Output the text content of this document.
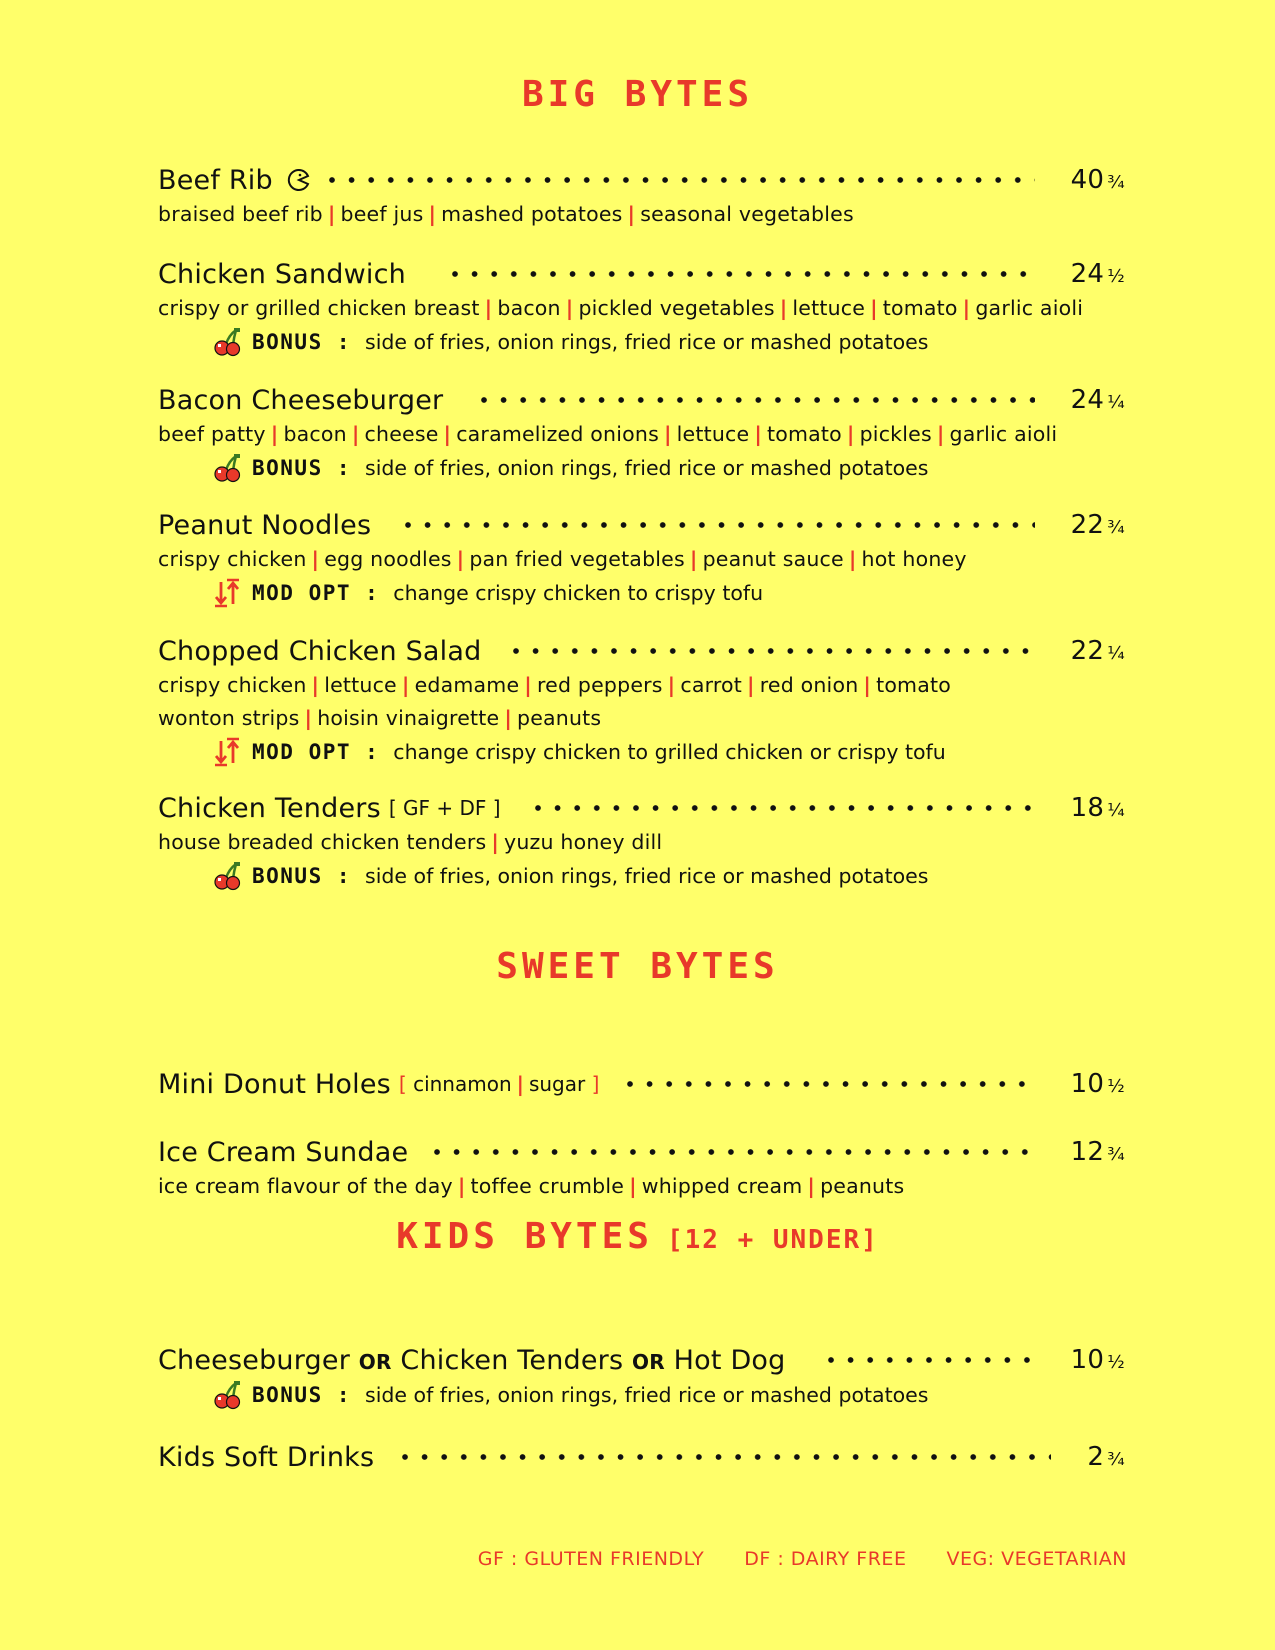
BIG BYTES
Beef Rib	40 ¾
braised beef rib | beef jus | mashed potatoes | seasonal vegetables
Chicken Sandwich	24 ½
crispy or grilled chicken breast | bacon | pickled vegetables | lettuce | tomato | garlic aioli
BONUS : side of fries, onion rings, fried rice or mashed potatoes
Bacon Cheeseburger	24 ¼
beef patty | bacon | cheese | caramelized onions | lettuce | tomato | pickles | garlic aioli
BONUS : side of fries, onion rings, fried rice or mashed potatoes
Peanut Noodles	22 ¾
crispy chicken | egg noodles | pan fried vegetables | peanut sauce | hot honey
MOD OPT : change crispy chicken to crispy tofu
Chopped Chicken Salad	22 ¼
crispy chicken | lettuce | edamame | red peppers | carrot | red onion | tomato
wonton strips | hoisin vinaigrette | peanuts
MOD OPT : change crispy chicken to grilled chicken or crispy tofu
Chicken Tenders [ GF + DF ]	18 ¼
house breaded chicken tenders | yuzu honey dill
BONUS : side of fries, onion rings, fried rice or mashed potatoes
SWEET BYTES
Mini Donut Holes [ cinnamon | sugar ]	10 ½
Ice Cream Sundae	12 ¾
ice cream flavour of the day | toffee crumble | whipped cream | peanuts
KIDS BYTES [12 + UNDER]
Cheeseburger OR Chicken Tenders OR Hot Dog	10 ½
BONUS : side of fries, onion rings, fried rice or mashed potatoes
Kids Soft Drinks	2 ¾
GF : GLUTEN FRIENDLY DF : DAIRY FREE VEG: VEGETARIAN
